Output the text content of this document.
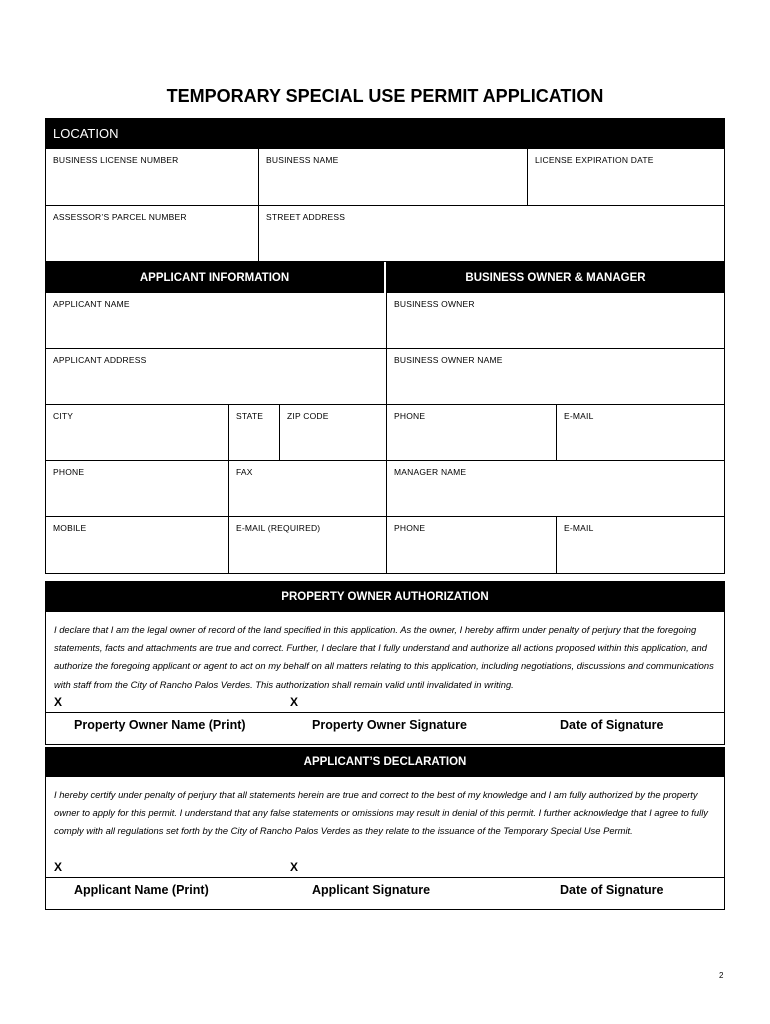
TEMPORARY SPECIAL USE PERMIT APPLICATION
LOCATION
BUSINESS LICENSE NUMBER	BUSINESS NAME	LICENSE EXPIRATION DATE
ASSESSOR’S PARCEL NUMBER	STREET ADDRESS
APPLICANT INFORMATION	BUSINESS OWNER & MANAGER
APPLICANT NAME	BUSINESS OWNER
APPLICANT ADDRESS	BUSINESS OWNER NAME
CITY	STATE	ZIP CODE	PHONE	E-MAIL
PHONE	FAX	MANAGER NAME
MOBILE	E-MAIL (REQUIRED)	PHONE	E-MAIL
PROPERTY OWNER AUTHORIZATION
I declare that I am the legal owner of record of the land specified in this application. As the owner, I hereby affirm under penalty of perjury that the foregoing statements, facts and attachments are true and correct. Further, I declare that I fully understand and authorize all actions proposed within this application, and authorize the foregoing applicant or agent to act on my behalf on all matters relating to this application, including negotiations, discussions and communications with staff from the City of Rancho Palos Verdes. This authorization shall remain valid until invalidated in writing.
X	X
Property Owner Name (Print)	Property Owner Signature	Date of Signature
APPLICANT’S DECLARATION
I hereby certify under penalty of perjury that all statements herein are true and correct to the best of my knowledge and I am fully authorized by the property owner to apply for this permit. I understand that any false statements or omissions may result in denial of this permit. I further acknowledge that I agree to fully comply with all regulations set forth by the City of Rancho Palos Verdes as they relate to the issuance of the Temporary Special Use Permit.
X	X
Applicant Name (Print)	Applicant Signature	Date of Signature
2
